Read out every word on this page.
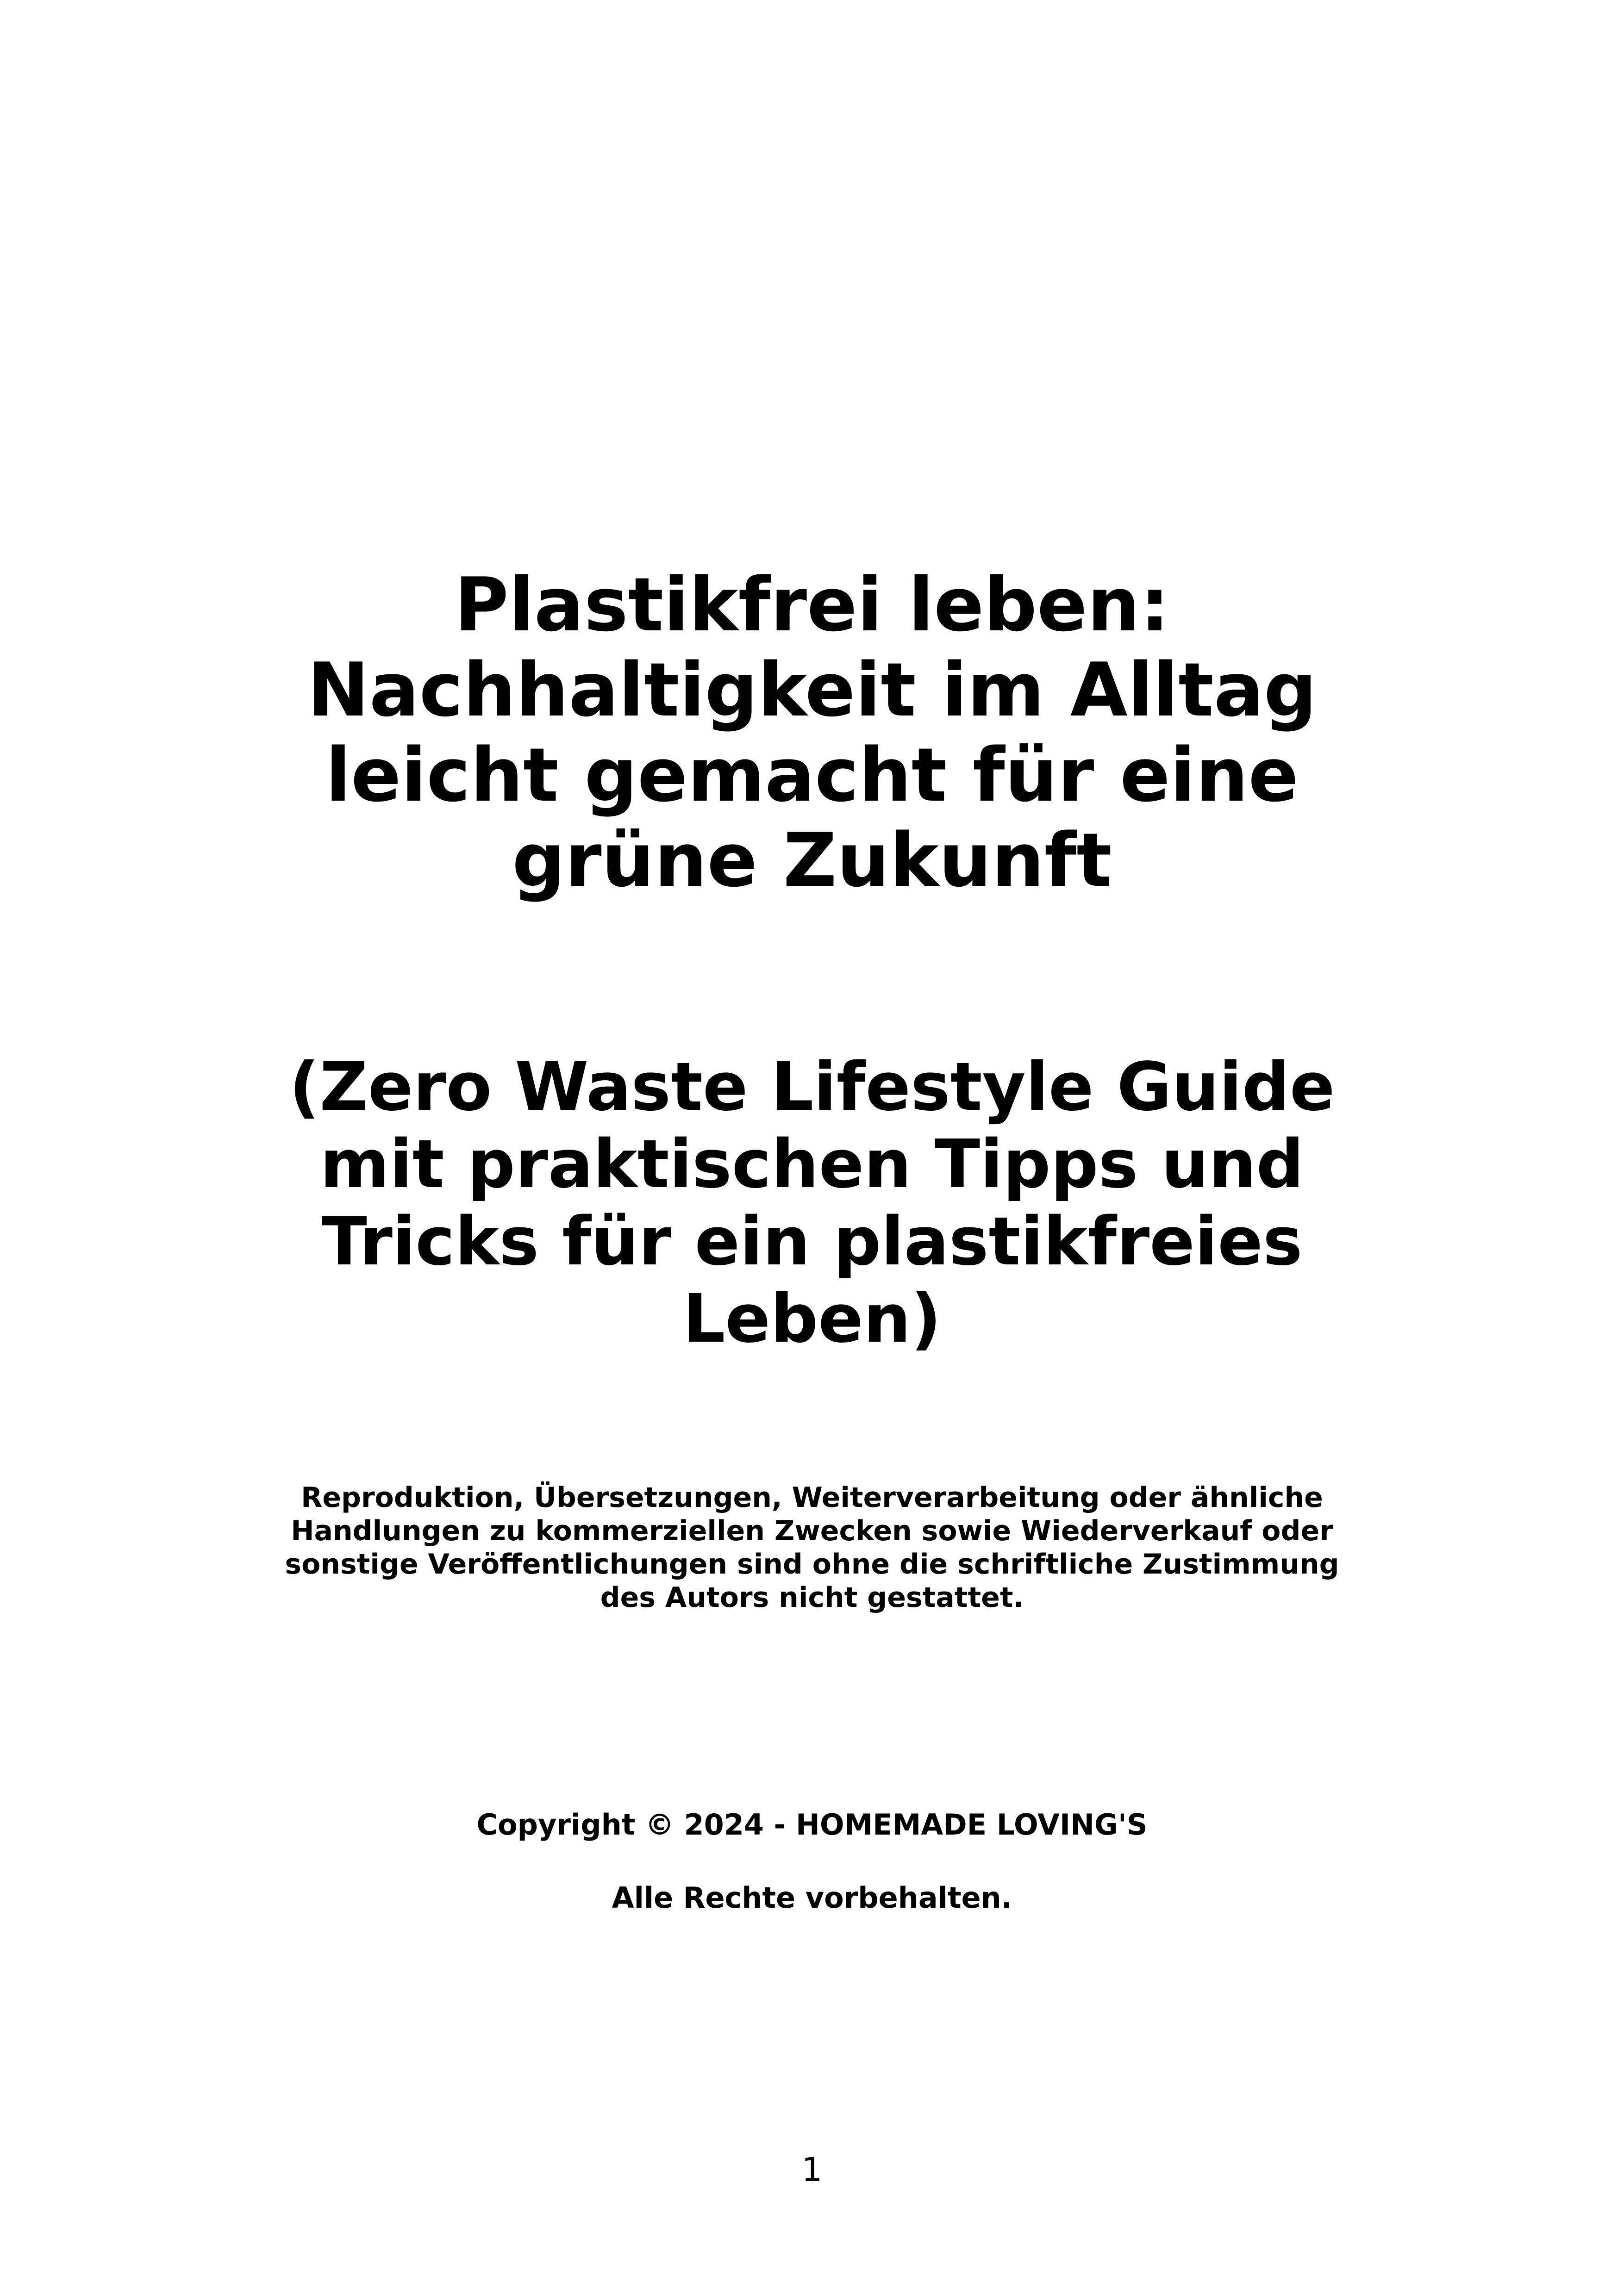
Plastikfrei leben:
Nachhaltigkeit im Alltag
leicht gemacht für eine
grüne Zukunft
(Zero Waste Lifestyle Guide
mit praktischen Tipps und
Tricks für ein plastikfreies
Leben)
Reproduktion, Übersetzungen, Weiterverarbeitung oder ähnliche
Handlungen zu kommerziellen Zwecken sowie Wiederverkauf oder
sonstige Veröffentlichungen sind ohne die schriftliche Zustimmung
des Autors nicht gestattet.
Copyright © 2024 - HOMEMADE LOVING'S
Alle Rechte vorbehalten.
1
